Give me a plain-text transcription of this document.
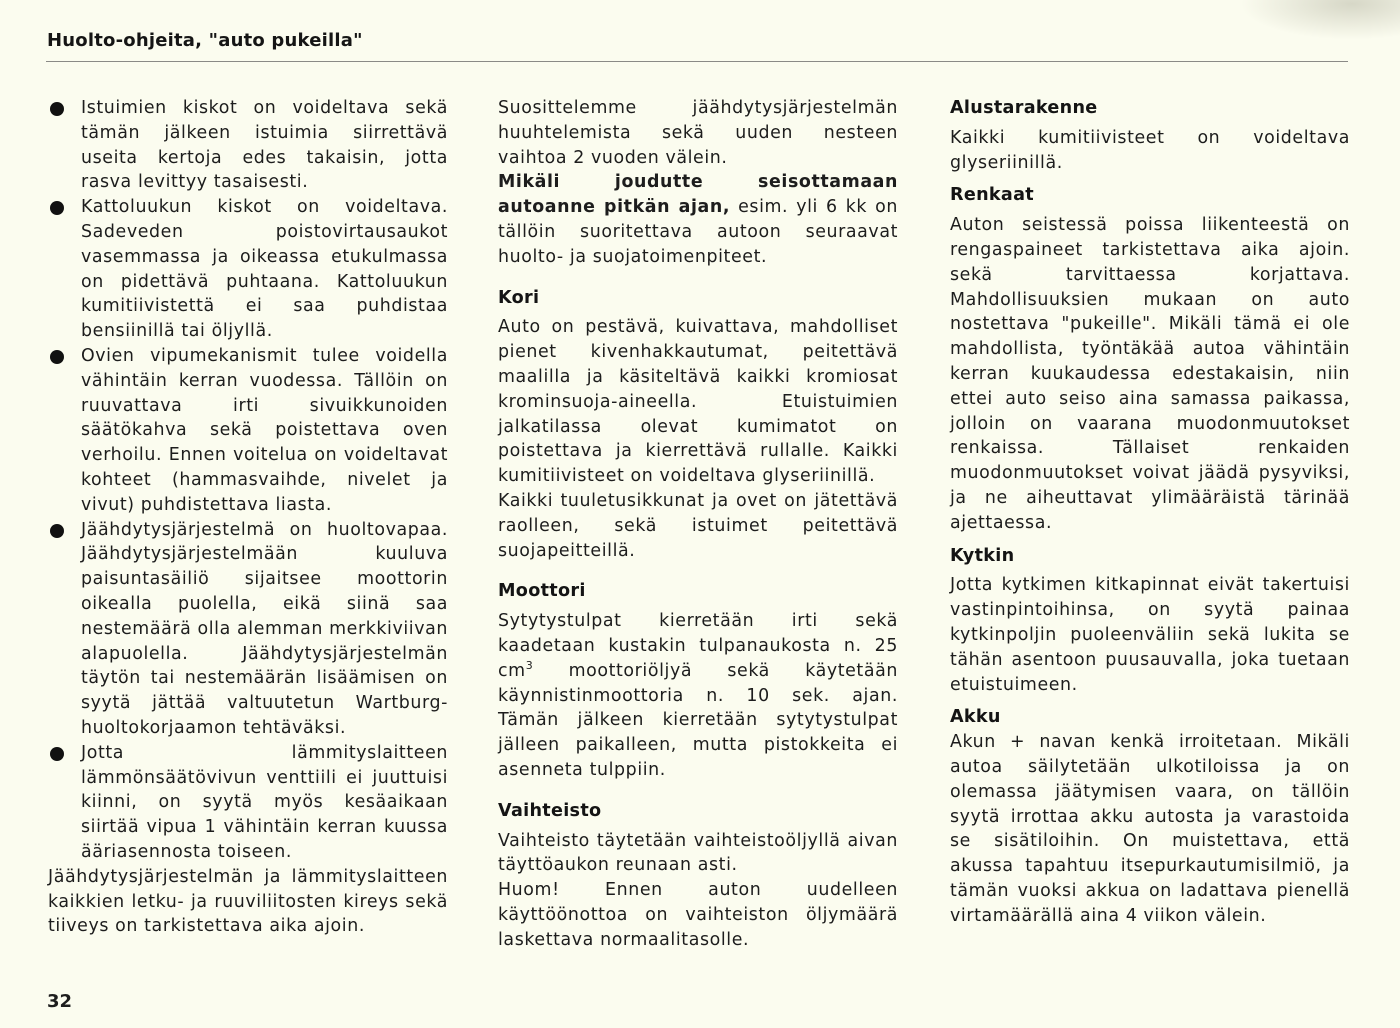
Huolto-ohjeita, "auto pukeilla"

Istuimien kiskot on voideltava sekä tämän jälkeen istuimia siirrettävä useita kertoja edes takaisin, jotta rasva levittyy tasaisesti.

Kattoluukun kiskot on voideltava. Sadeveden poistovirtausaukot vasemmassa ja oikeassa etukulmassa on pidettävä puhtaana. Kattoluukun kumitiivistettä ei saa puhdistaa bensiinillä tai öljyllä.

Ovien vipumekanismit tulee voidella vähintäin kerran vuodessa. Tällöin on ruuvattava irti sivuikkunoiden säätökahva sekä poistettava oven verhoilu. Ennen voitelua on voideltavat kohteet (hammasvaihde, nivelet ja vivut) puhdistettava liasta.

Jäähdytysjärjestelmä on huoltovapaa. Jäähdytysjärjestelmään kuuluva paisuntasäiliö sijaitsee moottorin oikealla puolella, eikä siinä saa nestemäärä olla alemman merkkiviivan alapuolella. Jäähdytysjärjestelmän täytön tai nestemäärän lisäämisen on syytä jättää valtuutetun Wartburg-huoltokorjaamon tehtäväksi.

Jotta lämmityslaitteen lämmönsäätövivun venttiili ei juuttuisi kiinni, on syytä myös kesäaikaan siirtää vipua 1 vähintäin kerran kuussa ääriasennosta toiseen.

Jäähdytysjärjestelmän ja lämmityslaitteen kaikkien letku- ja ruuviliitosten kireys sekä tiiveys on tarkistettava aika ajoin.

Suosittelemme jäähdytysjärjestelmän huuhtelemista sekä uuden nesteen vaihtoa 2 vuoden välein.

Mikäli joudutte seisottamaan autoanne pitkän ajan, esim. yli 6 kk on tällöin suoritettava autoon seuraavat huolto- ja suojatoimenpiteet.

Kori

Auto on pestävä, kuivattava, mahdolliset pienet kivenhakkautumat, peitettävä maalilla ja käsiteltävä kaikki kromiosat krominsuoja-aineella. Etuistuimien jalkatilassa olevat kumimatot on poistettava ja kierrettävä rullalle. Kaikki kumitiivisteet on voideltava glyseriinillä.

Kaikki tuuletusikkunat ja ovet on jätettävä raolleen, sekä istuimet peitettävä suojapeitteillä.

Moottori

Sytytystulpat kierretään irti sekä kaadetaan kustakin tulpanaukosta n. 25 $cm^3$ moottoriöljyä sekä käytetään käynnistinmoottoria n. 10 sek. ajan. Tämän jälkeen kierretään sytytystulpat jälleen paikalleen, mutta pistokkeita ei asenneta tulppiin.

Vaihteisto

Vaihteisto täytetään vaihteistoöljyllä aivan täyttöaukon reunaan asti.

Huom! Ennen auton uudelleen käyttöönottoa on vaihteiston öljymäärä laskettava normaalitasolle.

Alustarakenne

Kaikki kumitiivisteet on voideltava glyseriinillä.

Renkaat

Auton seistessä poissa liikenteestä on rengaspaineet tarkistettava aika ajoin. sekä tarvittaessa korjattava. Mahdollisuuksien mukaan on auto nostettava "pukeille". Mikäli tämä ei ole mahdollista, työntäkää autoa vähintäin kerran kuukaudessa edestakaisin, niin ettei auto seiso aina samassa paikassa, jolloin on vaarana muodonmuutokset renkaissa. Tällaiset renkaiden muodonmuutokset voivat jäädä pysyviksi, ja ne aiheuttavat ylimääräistä tärinää ajettaessa.

Kytkin

Jotta kytkimen kitkapinnat eivät takertuisi vastinpintoihinsa, on syytä painaa kytkinpoljin puoleenväliin sekä lukita se tähän asentoon puusauvalla, joka tuetaan etuistuimeen.

Akku

Akun + navan kenkä irroitetaan. Mikäli autoa säilytetään ulkotiloissa ja on olemassa jäätymisen vaara, on tällöin syytä irrottaa akku autosta ja varastoida se sisätiloihin. On muistettava, että akussa tapahtuu itsepurkautumisilmiö, ja tämän vuoksi akkua on ladattava pienellä virtamäärällä aina 4 viikon välein.

32
